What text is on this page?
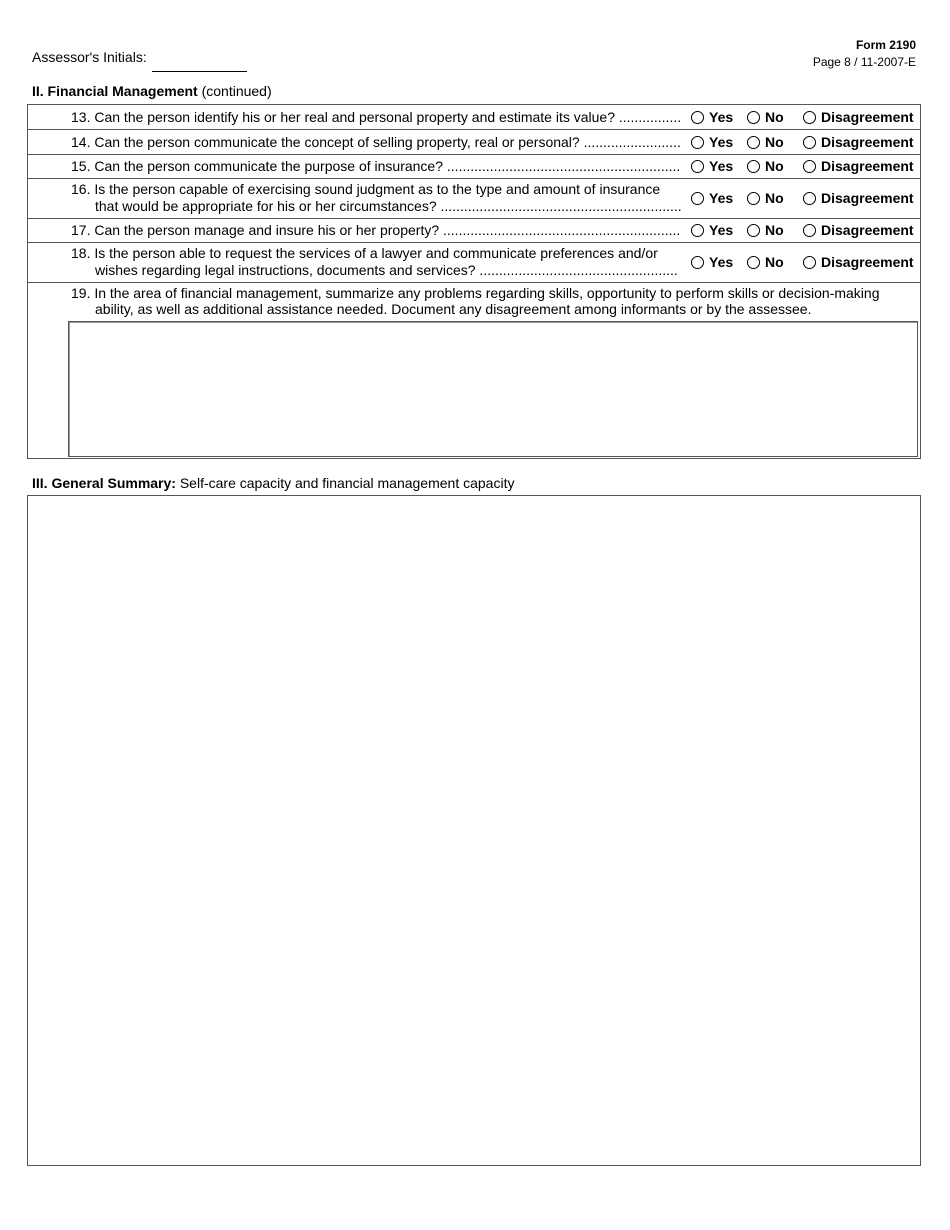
Assessor's Initials:
Form 2190
Page 8 / 11-2007-E
II. Financial Management (continued)
13. Can the person identify his or her real and personal property and estimate its value? ................ Yes No	Disagreement
14. Can the person communicate the concept of selling property, real or personal? ......................... Yes No	Disagreement
15. Can the person communicate the purpose of insurance? ............................................................ Yes No	Disagreement
16. Is the person capable of exercising sound judgment as to the type and amount of insurance
that would be appropriate for his or her circumstances? .............................................................. Yes No	Disagreement
17. Can the person manage and insure his or her property? ............................................................. Yes No	Disagreement
18. Is the person able to request the services of a lawyer and communicate preferences and/or
wishes regarding legal instructions, documents and services? ................................................... Yes No	Disagreement
19. In the area of financial management, summarize any problems regarding skills, opportunity to perform skills or decision-making
ability, as well as additional assistance needed. Document any disagreement among informants or by the assessee.
III. General Summary: Self-care capacity and financial management capacity
